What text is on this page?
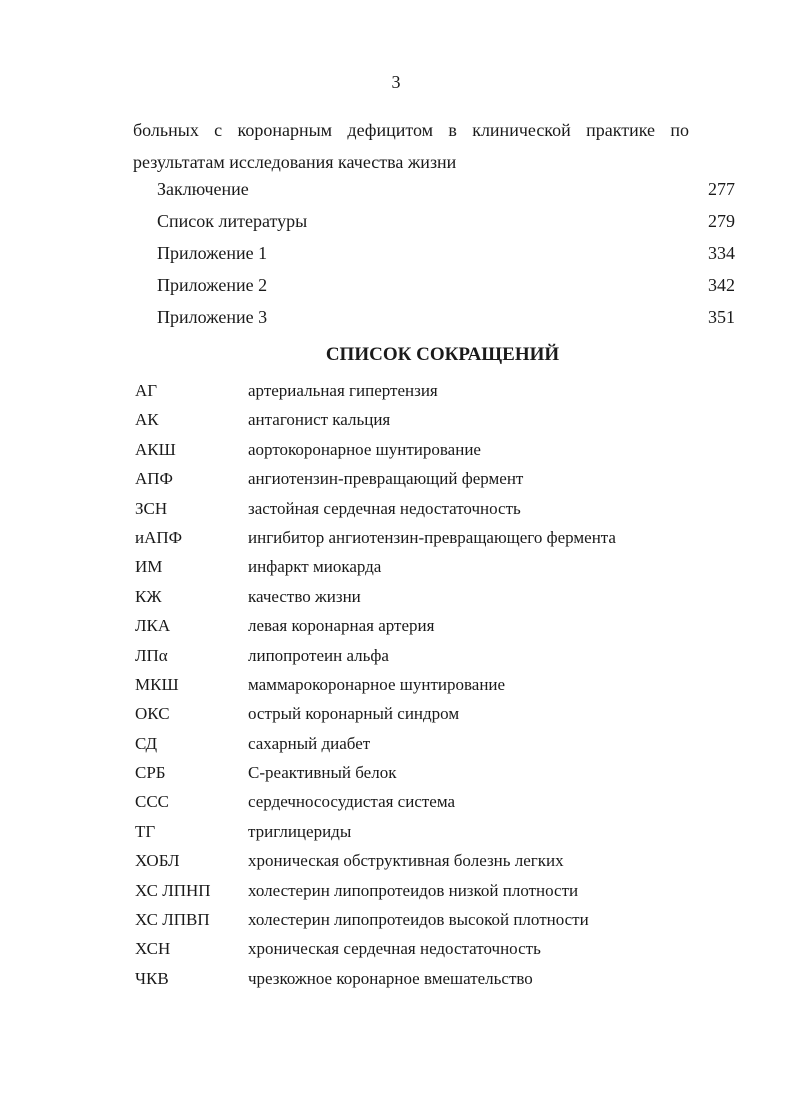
3
больных с коронарным дефицитом в клинической практике по
результатам исследования качества жизни
Заключение	277
Список литературы	279
Приложение 1	334
Приложение 2	342
Приложение 3	351
СПИСОК СОКРАЩЕНИЙ
АГ	артериальная гипертензия
АК	антагонист кальция
АКШ	аортокоронарное шунтирование
АПФ	ангиотензин-превращающий фермент
ЗСН	застойная сердечная недостаточность
иАПФ	ингибитор ангиотензин-превращающего фермента
ИМ	инфаркт миокарда
КЖ	качество жизни
ЛКА	левая коронарная артерия
ЛПα	липопротеин альфа
МКШ	маммарокоронарное шунтирование
ОКС	острый коронарный синдром
СД	сахарный диабет
СРБ	С-реактивный белок
ССС	сердечнососудистая система
ТГ	триглицериды
ХОБЛ	хроническая обструктивная болезнь легких
ХС ЛПНП	холестерин липопротеидов низкой плотности
ХС ЛПВП	холестерин липопротеидов высокой плотности
ХСН	хроническая сердечная недостаточность
ЧКВ	чрезкожное коронарное вмешательство
